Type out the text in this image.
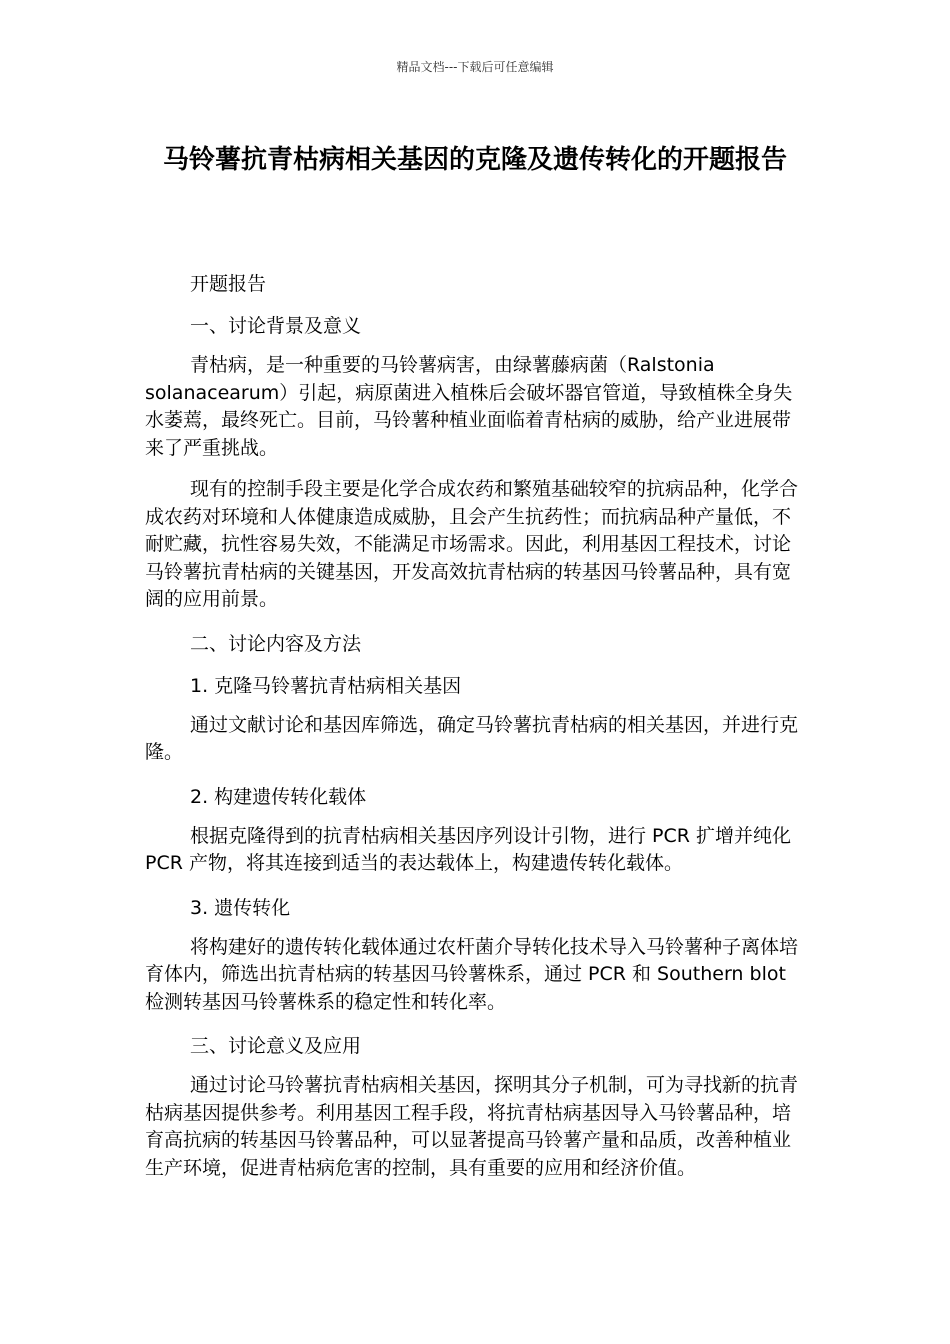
精品文档---下载后可任意编辑
马铃薯抗青枯病相关基因的克隆及遗传转化的开题报告

开题报告

一、讨论背景及意义

青枯病，是一种重要的马铃薯病害，由绿薯藤病菌（Ralstonia solanacearum）引起，病原菌进入植株后会破坏器官管道，导致植株全身失水萎蔫，最终死亡。目前，马铃薯种植业面临着青枯病的威胁，给产业进展带来了严重挑战。

现有的控制手段主要是化学合成农药和繁殖基础较窄的抗病品种，化学合成农药对环境和人体健康造成威胁，且会产生抗药性；而抗病品种产量低，不耐贮藏，抗性容易失效，不能满足市场需求。因此，利用基因工程技术，讨论马铃薯抗青枯病的关键基因，开发高效抗青枯病的转基因马铃薯品种，具有宽阔的应用前景。

二、讨论内容及方法

1. 克隆马铃薯抗青枯病相关基因

通过文献讨论和基因库筛选，确定马铃薯抗青枯病的相关基因，并进行克隆。

2. 构建遗传转化载体

根据克隆得到的抗青枯病相关基因序列设计引物，进行 PCR 扩增并纯化 PCR 产物，将其连接到适当的表达载体上，构建遗传转化载体。

3. 遗传转化

将构建好的遗传转化载体通过农杆菌介导转化技术导入马铃薯种子离体培育体内，筛选出抗青枯病的转基因马铃薯株系，通过 PCR 和 Southern blot 检测转基因马铃薯株系的稳定性和转化率。

三、讨论意义及应用

通过讨论马铃薯抗青枯病相关基因，探明其分子机制，可为寻找新的抗青枯病基因提供参考。利用基因工程手段，将抗青枯病基因导入马铃薯品种，培育高抗病的转基因马铃薯品种，可以显著提高马铃薯产量和品质，改善种植业生产环境，促进青枯病危害的控制，具有重要的应用和经济价值。
